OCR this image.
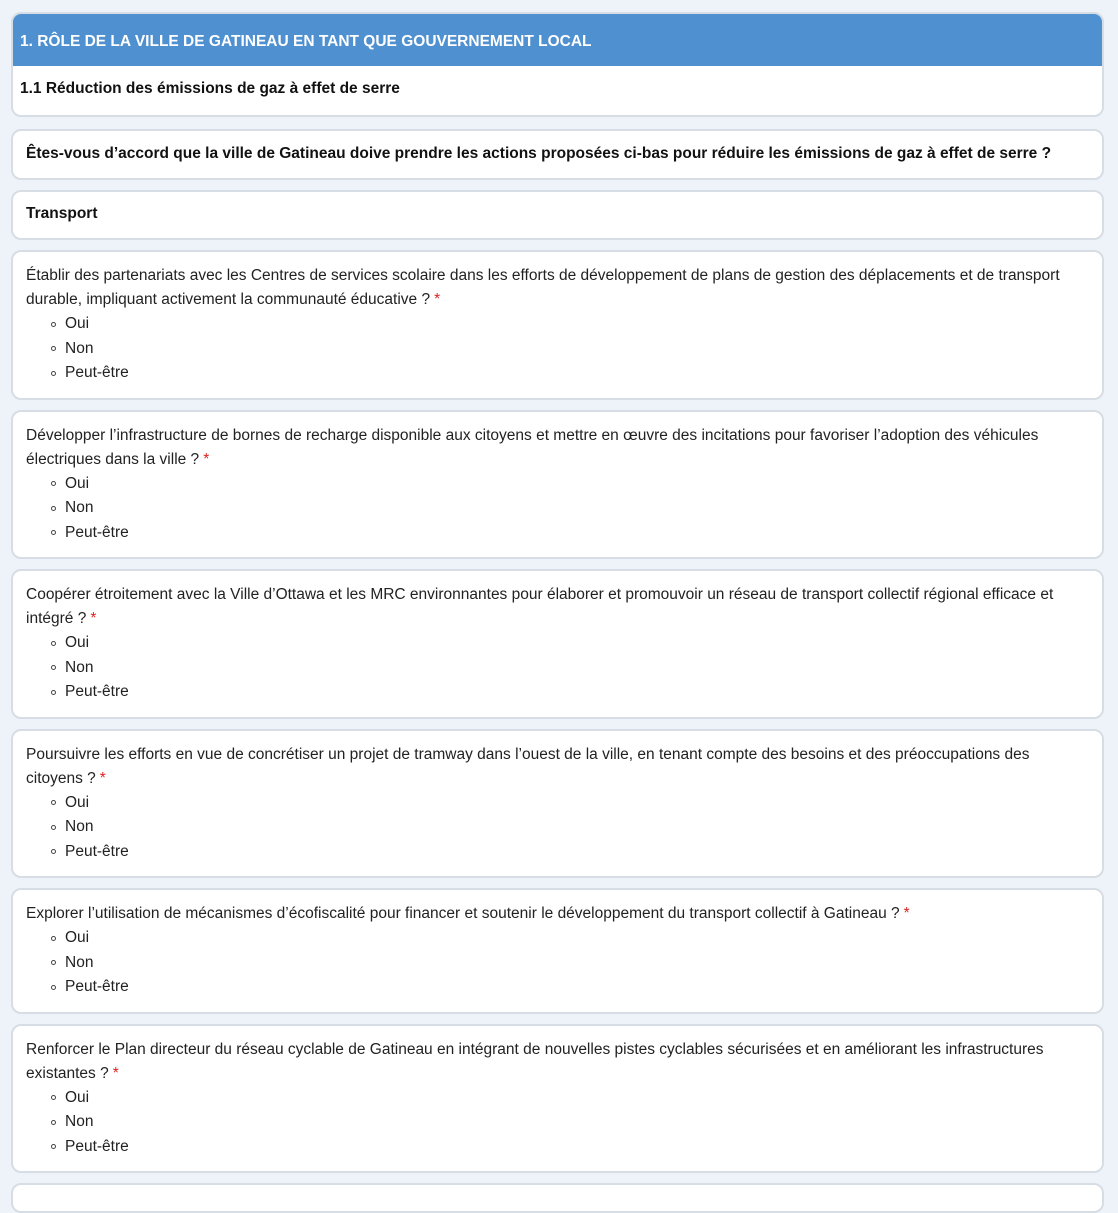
1. RÔLE DE LA VILLE DE GATINEAU EN TANT QUE GOUVERNEMENT LOCAL
1.1 Réduction des émissions de gaz à effet de serre
Êtes-vous d’accord que la ville de Gatineau doive prendre les actions proposées ci-bas pour réduire les émissions de gaz à effet de serre ?
Transport
Établir des partenariats avec les Centres de services scolaire dans les efforts de développement de plans de gestion des déplacements et de transport durable, impliquant activement la communauté éducative ? *
Oui
Non
Peut-être
Développer l’infrastructure de bornes de recharge disponible aux citoyens et mettre en œuvre des incitations pour favoriser l’adoption des véhicules électriques dans la ville ? *
Oui
Non
Peut-être
Coopérer étroitement avec la Ville d’Ottawa et les MRC environnantes pour élaborer et promouvoir un réseau de transport collectif régional efficace et intégré ? *
Oui
Non
Peut-être
Poursuivre les efforts en vue de concrétiser un projet de tramway dans l’ouest de la ville, en tenant compte des besoins et des préoccupations des citoyens ? *
Oui
Non
Peut-être
Explorer l’utilisation de mécanismes d’écofiscalité pour financer et soutenir le développement du transport collectif à Gatineau ? *
Oui
Non
Peut-être
Renforcer le Plan directeur du réseau cyclable de Gatineau en intégrant de nouvelles pistes cyclables sécurisées et en améliorant les infrastructures existantes ? *
Oui
Non
Peut-être
